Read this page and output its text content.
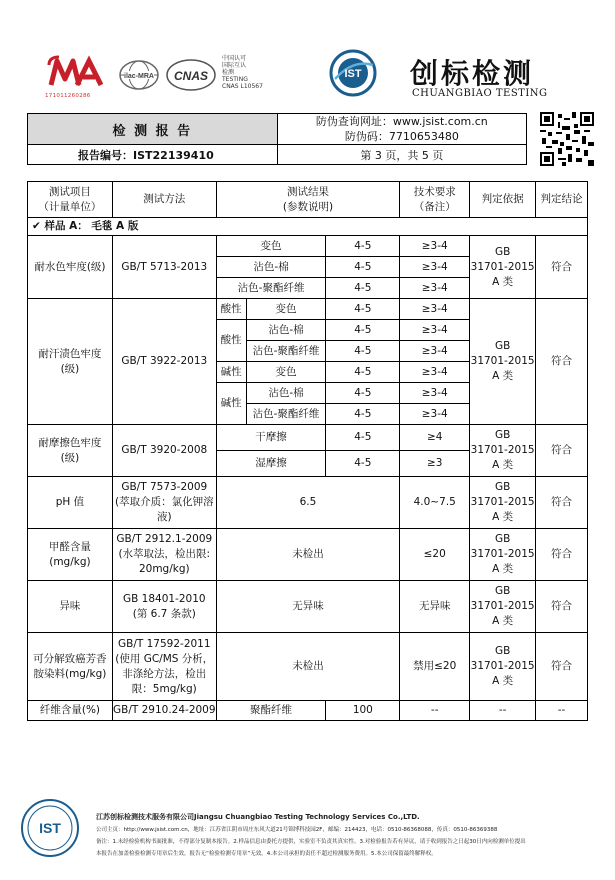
171011260286
ilac-MRA CNAS
中国认可
国际互认
检测
TESTING
CNAS L10567
IST 创标检测
CHUANGBIAO TESTING
检 测 报 告	防伪查询网址：www.jsist.com.cn
防伪码：7710653480

报告编号：IST22139410	第 3 页，共 5 页
测试项目
（计量单位）	测试方法	测试结果
(参数说明)			技术要求
（备注）	判定依据	判定结论
✔ 样品 A： 毛毯 A 版							
耐水色牢度(级)	GB/T 5713-2013	变色		4-5	≥3-4	GB
31701-2015
A 类	符合
		沾色-棉		4-5	≥3-4		
		沾色-聚酯纤维		4-5	≥3-4		
耐汗渍色牢度
(级)	GB/T 3922-2013	酸性	变色	4-5	≥3-4	GB
31701-2015
A 类	符合
		酸性	沾色-棉	4-5	≥3-4		
			沾色-聚酯纤维	4-5	≥3-4		
		碱性	变色	4-5	≥3-4		
		碱性	沾色-棉	4-5	≥3-4		
			沾色-聚酯纤维	4-5	≥3-4		
耐摩擦色牢度
(级)	GB/T 3920-2008	干摩擦		4-5	≥4	GB
31701-2015
A 类	符合
		湿摩擦		4-5	≥3		
pH 值	GB/T 7573-2009
(萃取介质：氯化钾溶
液)	6.5			4.0~7.5	GB
31701-2015
A 类	符合
甲醛含量
(mg/kg)	GB/T 2912.1-2009
(水萃取法，检出限:
20mg/kg)	未检出			≤20	GB
31701-2015
A 类	符合
异味	GB 18401-2010
(第 6.7 条款)	无异味			无异味	GB
31701-2015
A 类	符合
可分解致癌芳香
胺染料(mg/kg)	GB/T 17592-2011
(使用 GC/MS 分析，
非涤纶方法，检出
限：5mg/kg)	未检出			禁用≤20	GB
31701-2015
A 类	符合
纤维含量(%)	GB/T 2910.24-2009	聚酯纤维		100	--	--	--
IST
江苏创标检测技术服务有限公司Jiangsu Chuangbiao Testing Technology Services Co.,LTD.
公司主页：http://www.jsist.com.cn，地址：江苏省江阴市周庄东风大道21号锦博科技园2F，邮编：214423，电话：0510-86368088，传真：0510-86369388
备注：1.未经检验机构书面批准，不得部分复制本报告。2.样品信息由委托方提供，实验室不负责其真实性。3.对检验报告若有异议，请于收到报告之日起30日内向检测单位提出
本报告在加盖检验检测专用章后生效，报告无“检验检测专用章”无效。4.本公司承担的责任不超过检测服务费用。5.本公司保留最终解释权。
